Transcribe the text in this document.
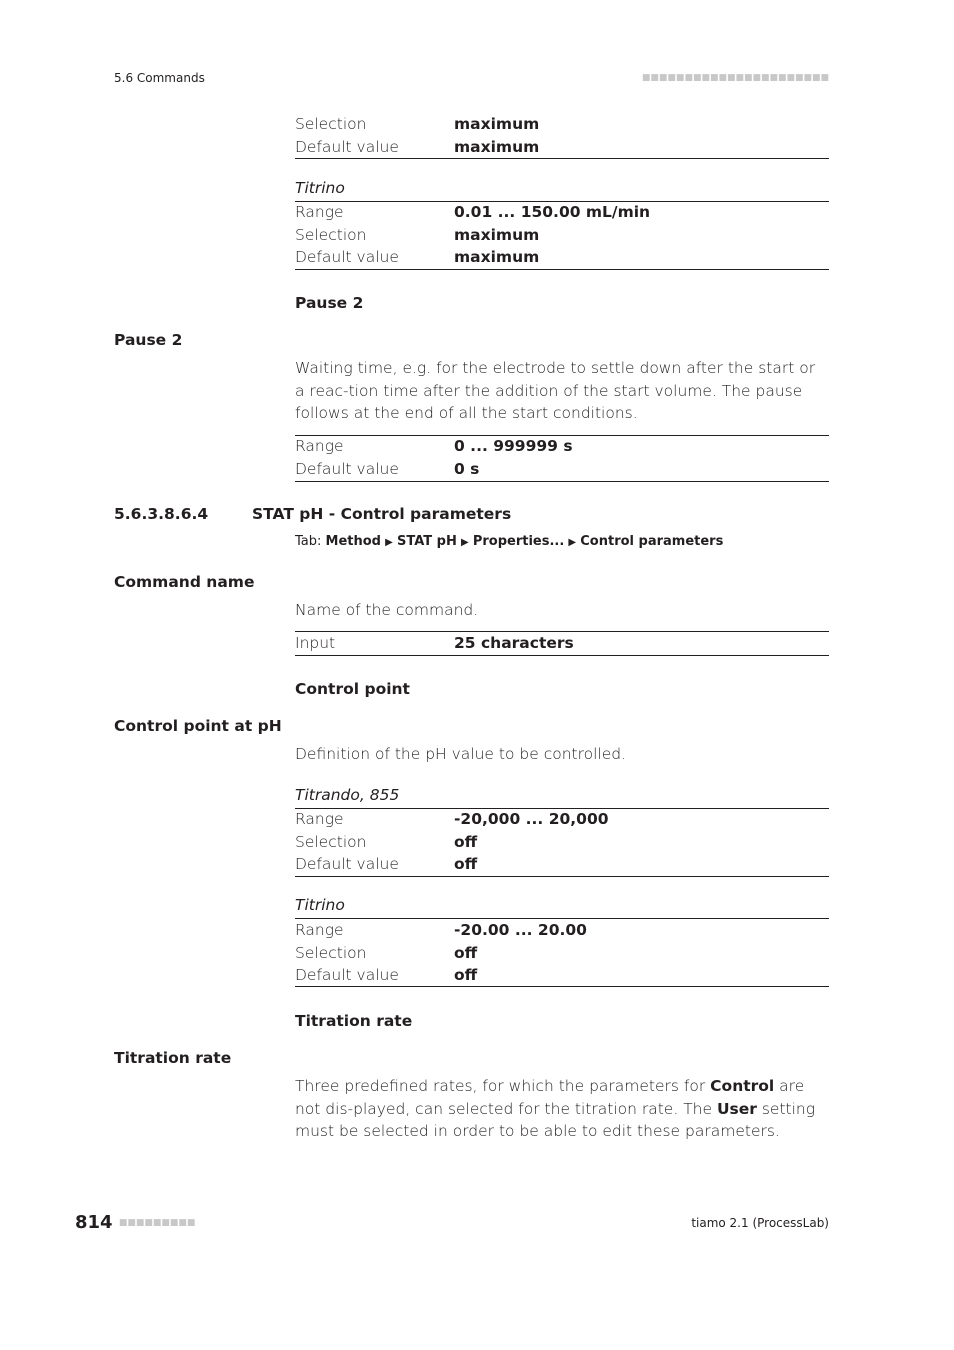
5.6 Commands	■■■■■■■■■■■■■■■■■■■■■■
Selection	maximum
Default value	maximum
Titrino
Range	0.01 ... 150.00 mL/min
Selection	maximum
Default value	maximum
Pause 2
Pause 2
Waiting time, e.g. for the electrode to settle down after the start or a reac-tion time after the addition of the start volume. The pause follows at the end of all the start conditions.
Range	0 ... 999999 s
Default value	0 s
5.6.3.8.6.4	STAT pH - Control parameters
Tab: Method ▶ STAT pH ▶ Properties... ▶ Control parameters
Command name
Name of the command.
Input	25 characters
Control point
Control point at pH
Definition of the pH value to be controlled.
Titrando, 855
Range	-20,000 ... 20,000
Selection	off
Default value	off
Titrino
Range	-20.00 ... 20.00
Selection	off
Default value	off
Titration rate
Titration rate
Three predefined rates, for which the parameters for Control are not dis-played, can selected for the titration rate. The User setting must be selected in order to be able to edit these parameters.
814 ■■■■■■■■■	tiamo 2.1 (ProcessLab)
